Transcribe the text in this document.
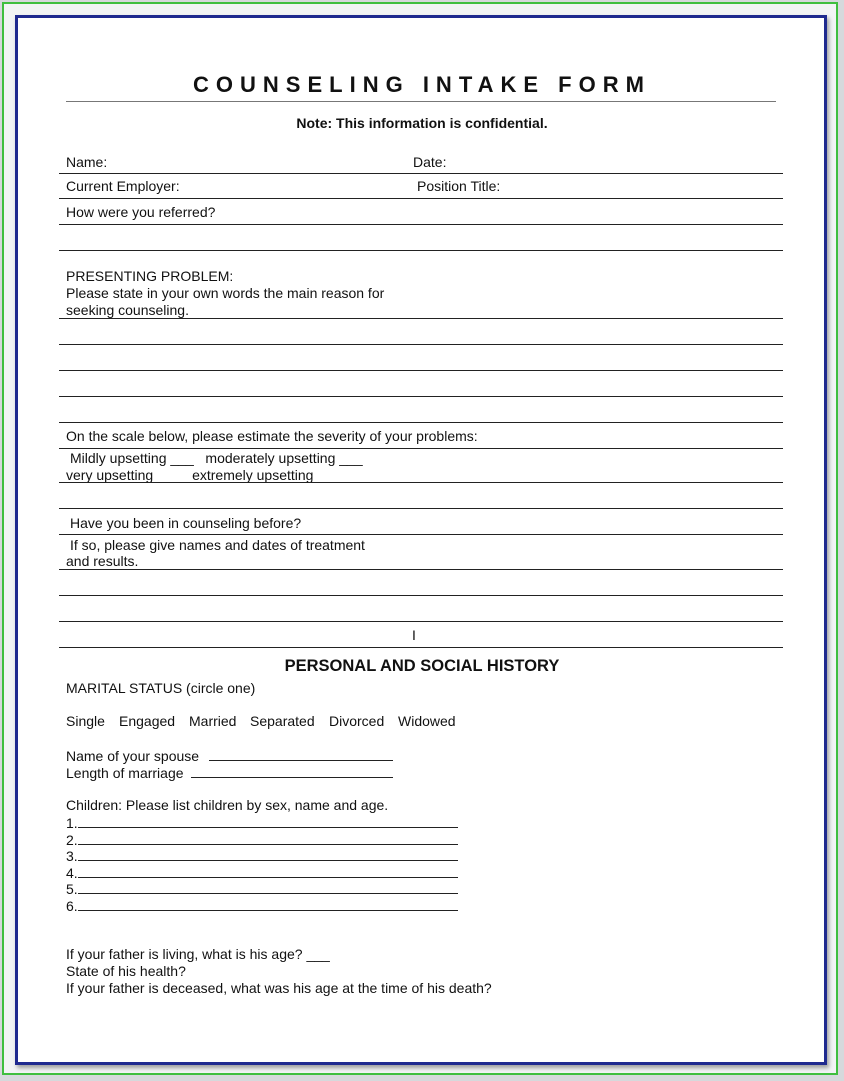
COUNSELING INTAKE FORM
Note: This information is confidential.
Name:	Date:
Current Employer:	Position Title:
How were you referred?
PRESENTING PROBLEM:
Please state in your own words the main reason for
seeking counseling.
On the scale below, please estimate the severity of your problems:
Mildly upsetting ___   moderately upsetting ___
very upsetting ___   extremely upsetting  ___
Have you been in counseling before?
If so, please give names and dates of treatment
and results.
I
PERSONAL AND SOCIAL HISTORY
MARITAL STATUS (circle one)
Single Engaged Married Separated Divorced Widowed
Name of your spouse
Length of marriage
Children: Please list children by sex, name and age.
1.
2.
3.
4.
5.
6.
If your father is living, what is his age? ___
State of his health?
If your father is deceased, what was his age at the time of his death?
